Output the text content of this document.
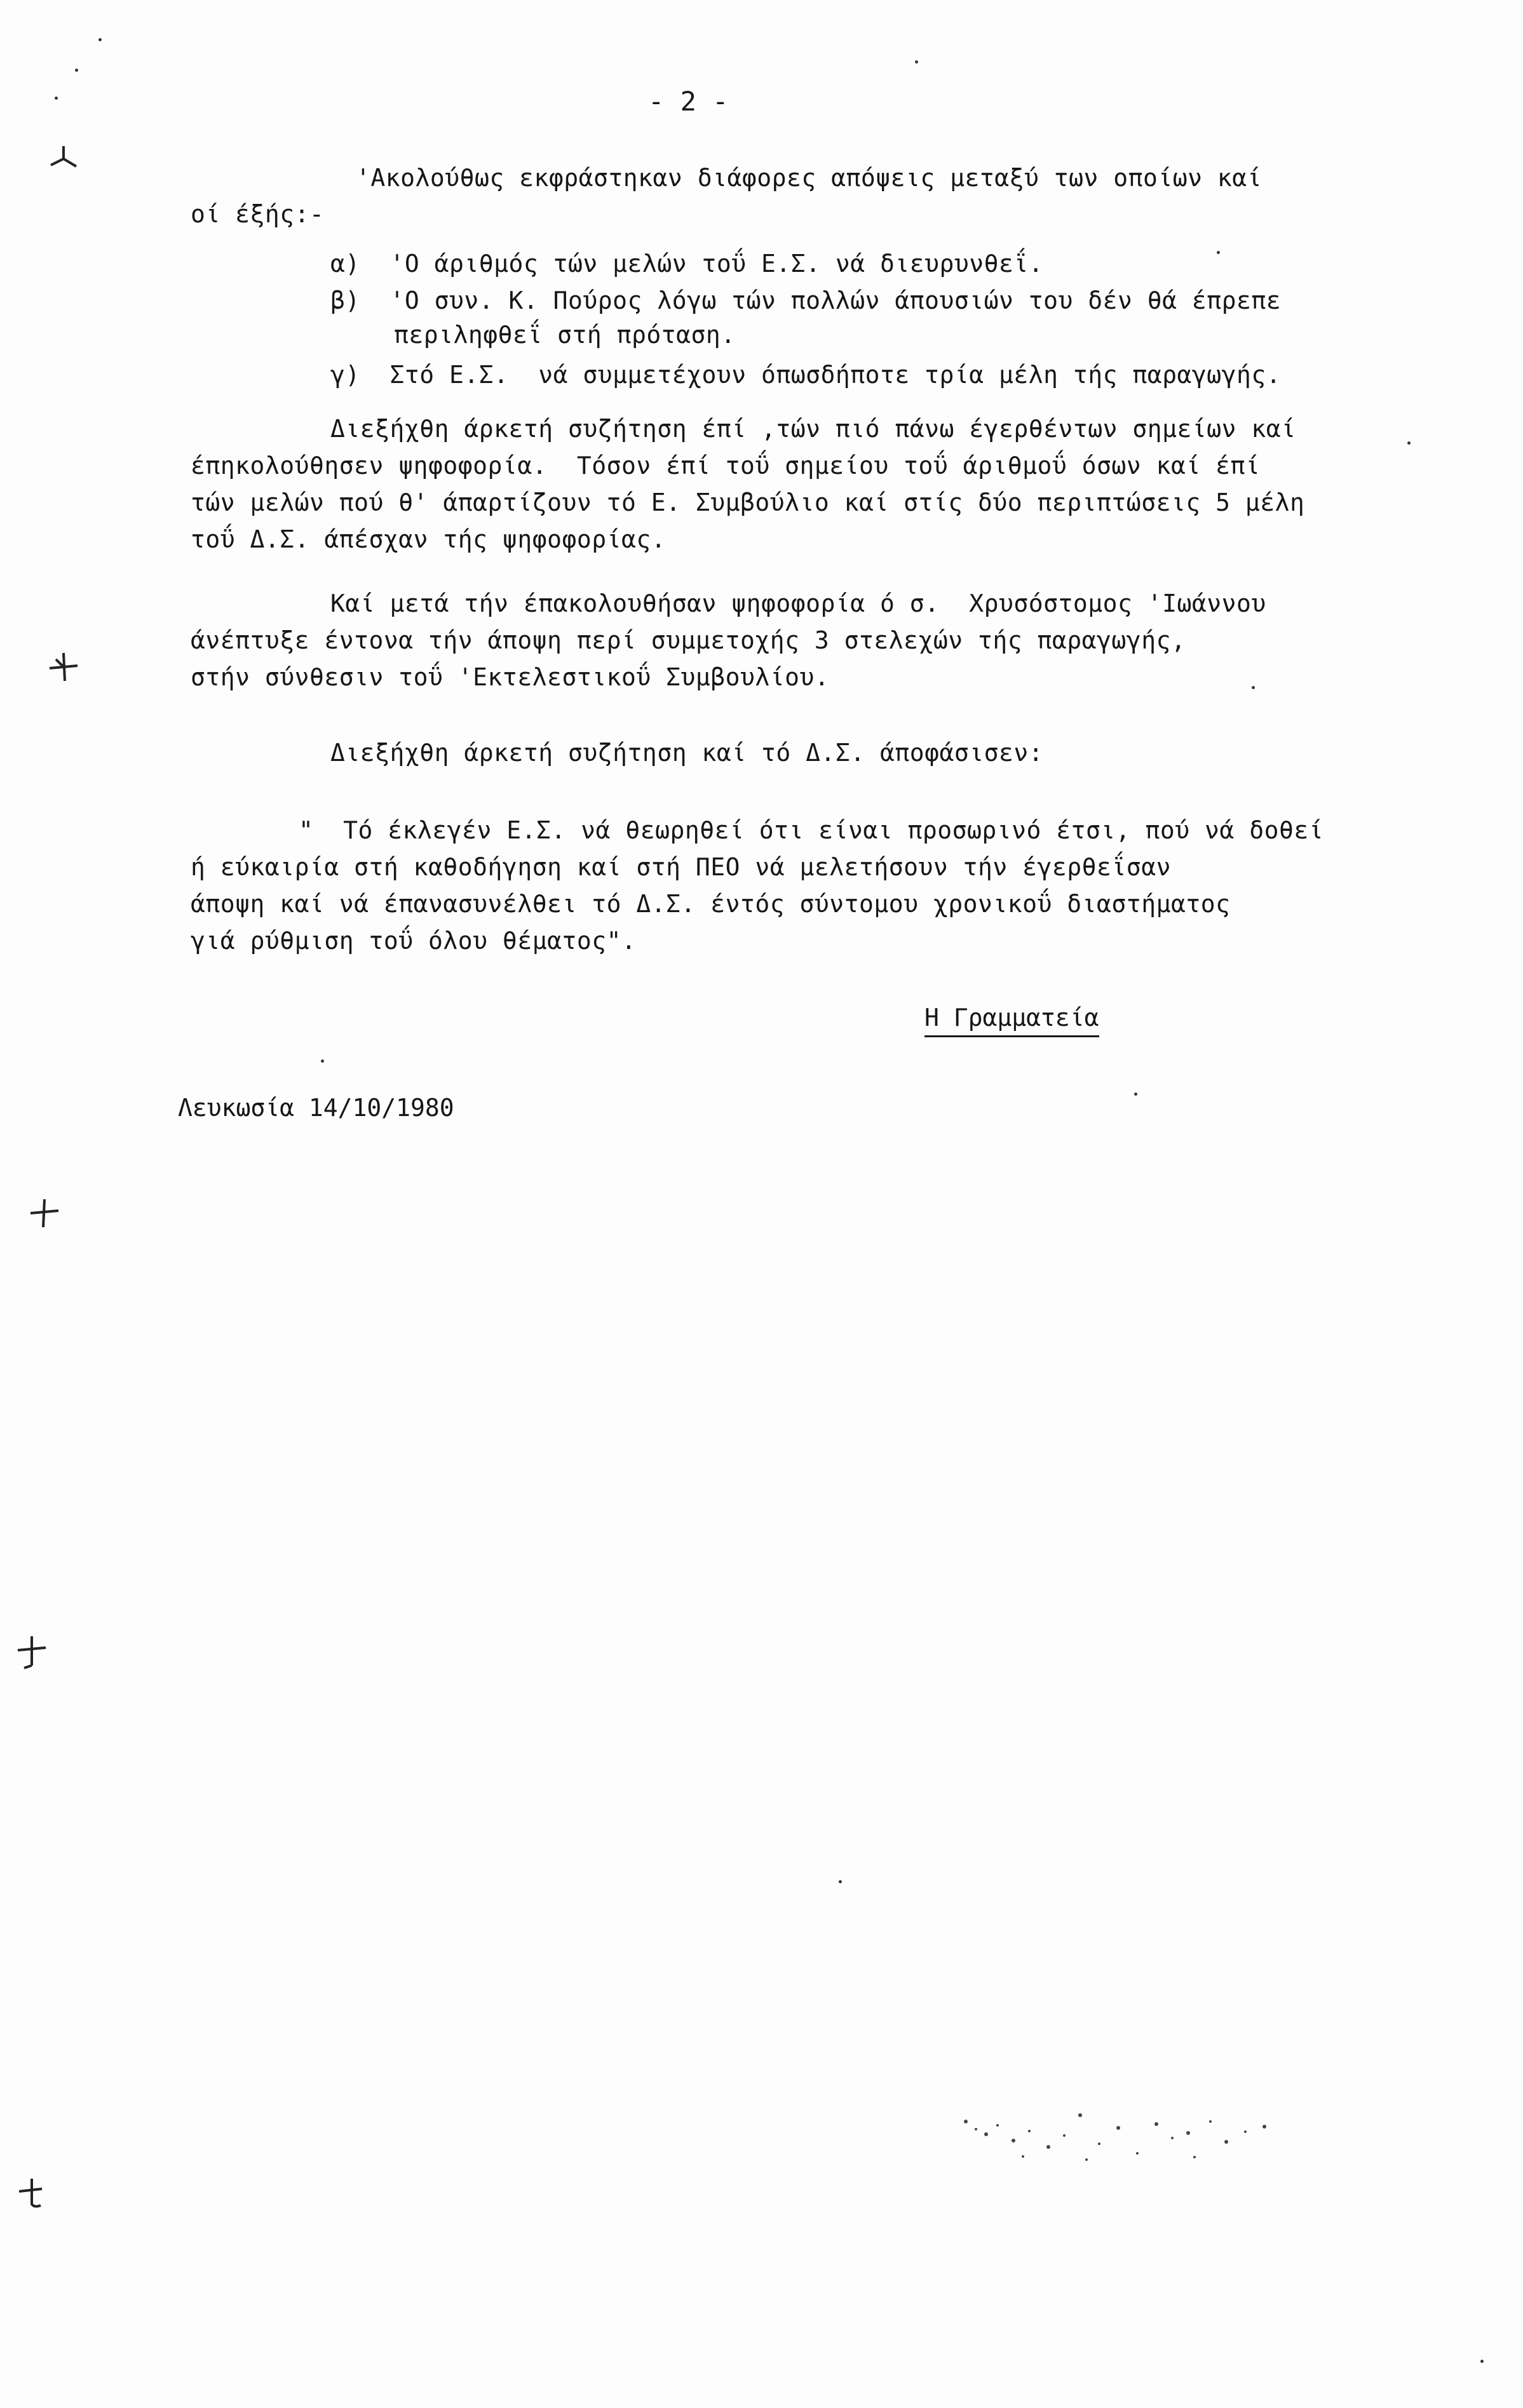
- 2 -
'Ακολούθως εκφράστηκαν διάφορες απόψεις μεταξύ των οποίων καί
οί έξής:-
α)  'Ο άριθμός τών μελών τοΰ Ε.Σ. νά διευρυνθεΐ.
β)  'Ο συν. Κ. Πούρος λόγω τών πολλών άπουσιών του δέν θά έπρεπε
περιληφθεΐ στή πρόταση.
γ)  Στό Ε.Σ.  νά συμμετέχουν όπωσδήποτε τρία μέλη τής παραγωγής.
Διεξήχθη άρκετή συζήτηση έπί ,τών πιό πάνω έγερθέντων σημείων καί
έπηκολούθησεν ψηφοφορία.  Τόσον έπί τοΰ σημείου τοΰ άριθμοΰ όσων καί έπί
τών μελών πού θ' άπαρτίζουν τό Ε. Συμβούλιο καί στίς δύο περιπτώσεις 5 μέλη
τοΰ Δ.Σ. άπέσχαν τής ψηφοφορίας.
Καί μετά τήν έπακολουθήσαν ψηφοφορία ό σ.  Χρυσόστομος 'Ιωάννου
άνέπτυξε έντονα τήν άποψη περί συμμετοχής 3 στελεχών τής παραγωγής,
στήν σύνθεσιν τοΰ 'Εκτελεστικοΰ Συμβουλίου.
Διεξήχθη άρκετή συζήτηση καί τό Δ.Σ. άποφάσισεν:
"  Τό έκλεγέν Ε.Σ. νά θεωρηθεί ότι είναι προσωρινό έτσι, πού νά δοθεί
ή εύκαιρία στή καθοδήγηση καί στή ΠΕΟ νά μελετήσουν τήν έγερθεΐσαν
άποψη καί νά έπανασυνέλθει τό Δ.Σ. έντός σύντομου χρονικοΰ διαστήματος
γιά ρύθμιση τοΰ όλου θέματος".
Η Γραμματεία
Λευκωσία 14/10/1980
